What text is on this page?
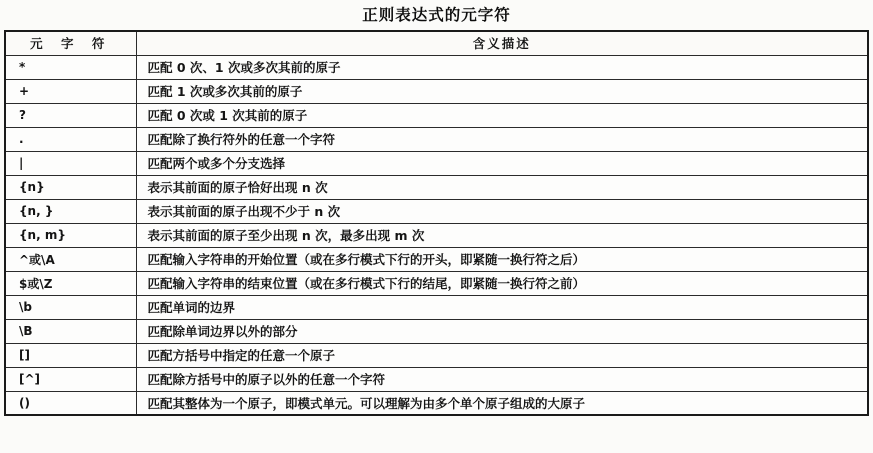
正则表达式的元字符
元 字 符	含义描述
*	匹配 0 次、1 次或多次其前的原子
+	匹配 1 次或多次其前的原子
?	匹配 0 次或 1 次其前的原子
.	匹配除了换行符外的任意一个字符
|	匹配两个或多个分支选择
{n}	表示其前面的原子恰好出现 n 次
{n, }	表示其前面的原子出现不少于 n 次
{n, m}	表示其前面的原子至少出现 n 次，最多出现 m 次
^或\A	匹配输入字符串的开始位置（或在多行模式下行的开头，即紧随一换行符之后）
$或\Z	匹配输入字符串的结束位置（或在多行模式下行的结尾，即紧随一换行符之前）
\b	匹配单词的边界
\B	匹配除单词边界以外的部分
[]	匹配方括号中指定的任意一个原子
[^]	匹配除方括号中的原子以外的任意一个字符
()	匹配其整体为一个原子，即模式单元。可以理解为由多个单个原子组成的大原子
